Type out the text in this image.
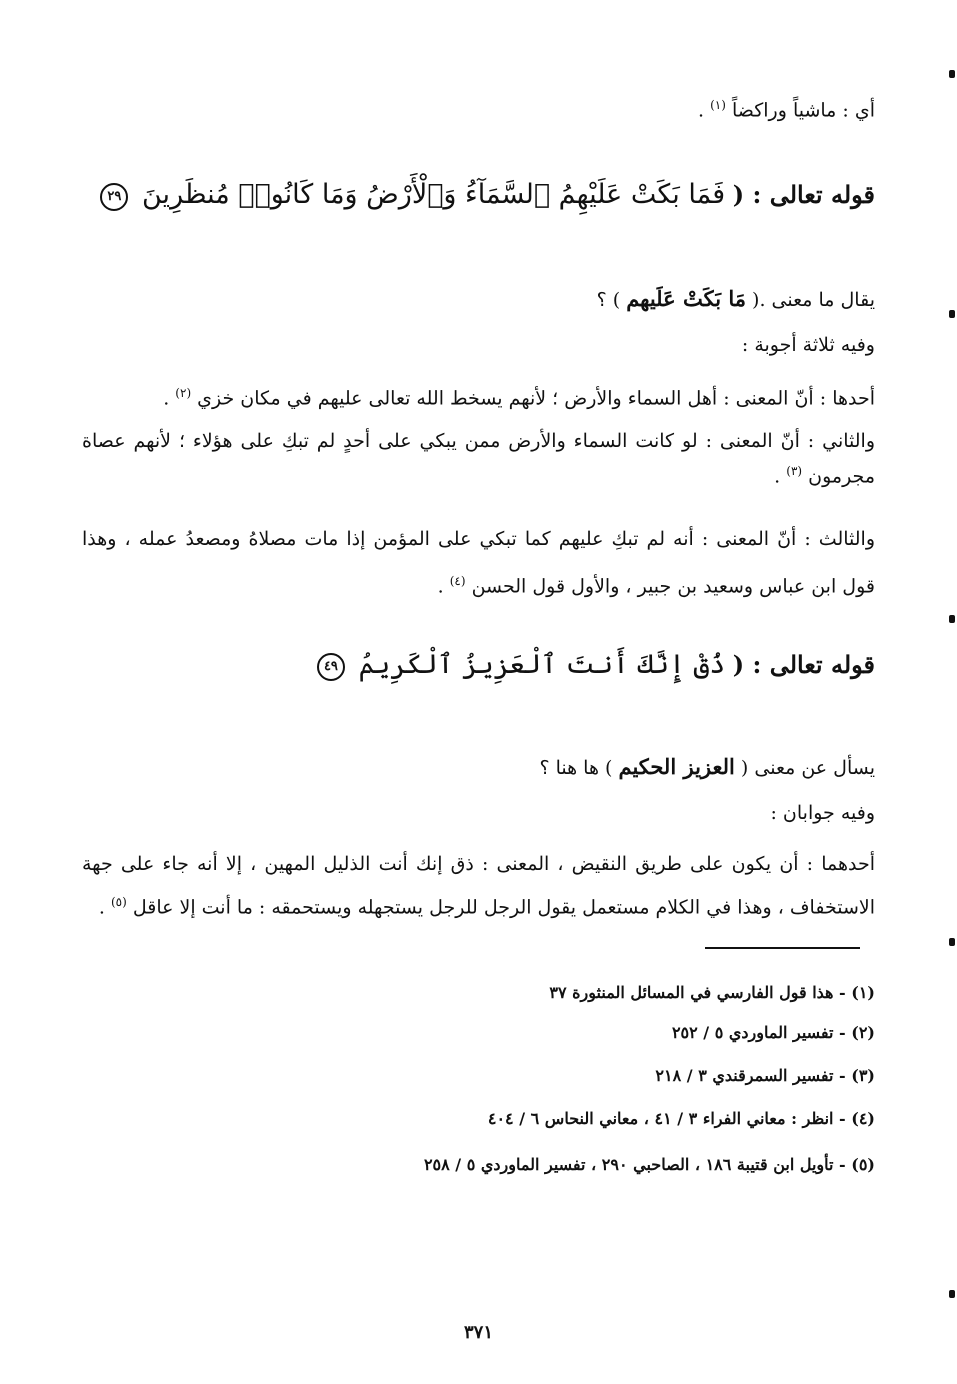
أي : ماشياً وراكضاً $^{(١)}$ .
قوله تعالى : ( فَمَا بَكَتْ عَلَيْهِمُ ٱلسَّمَآءُ وَٱلْأَرْضُ وَمَا كَانُوا۟ مُنظَرِينَ ٢٩
يقال ما معنى .( مَا بَكَتْ عَلَيهم ) ؟
وفيه ثلاثة أجوبة :
أحدها : أنّ المعنى : أهل السماء والأرض ؛ لأنهم يسخط الله تعالى عليهم في مكان خزي $^{(٢)}$ .
والثاني : أنّ المعنى : لو كانت السماء والأرض ممن يبكي على أحدٍ لم تبكِ على هؤلاء ؛ لأنهم عصاة مجرمون $^{(٣)}$ .
والثالث : أنّ المعنى : أنه لم تبكِ عليهم كما تبكي على المؤمن إذا مات مصلاهُ ومصعدُ عمله ، وهذا قول ابن عباس وسعيد بن جبير ، والأول قول الحسن $^{(٤)}$ .
قوله تعالى : ( ذُقْ إِنَّكَ أَنتَ ٱلْعَزِيزُ ٱلْكَرِيمُ ٤٩
يسأل عن معنى ( العزيز الحكيم ) ها هنا ؟
وفيه جوابان :
أحدهما : أن يكون على طريق النقيض ، المعنى : ذق إنك أنت الذليل المهين ، إلا أنه جاء على جهة الاستخفاف ، وهذا في الكلام مستعمل يقول الرجل للرجل يستجهله ويستحمقه : ما أنت إلا عاقل $^{(٥)}$ .
(١) - هذا قول الفارسي في المسائل المنثورة ٣٧
(٢) - تفسير الماوردي ٥ / ٢٥٢
(٣) - تفسير السمرقندي ٣ / ٢١٨
(٤) - انظر : معاني الفراء ٣ / ٤١ ، معاني النحاس ٦ / ٤٠٤
(٥) - تأويل ابن قتيبة ١٨٦ ، الصاحبي ٢٩٠ ، تفسير الماوردي ٥ / ٢٥٨
٣٧١
